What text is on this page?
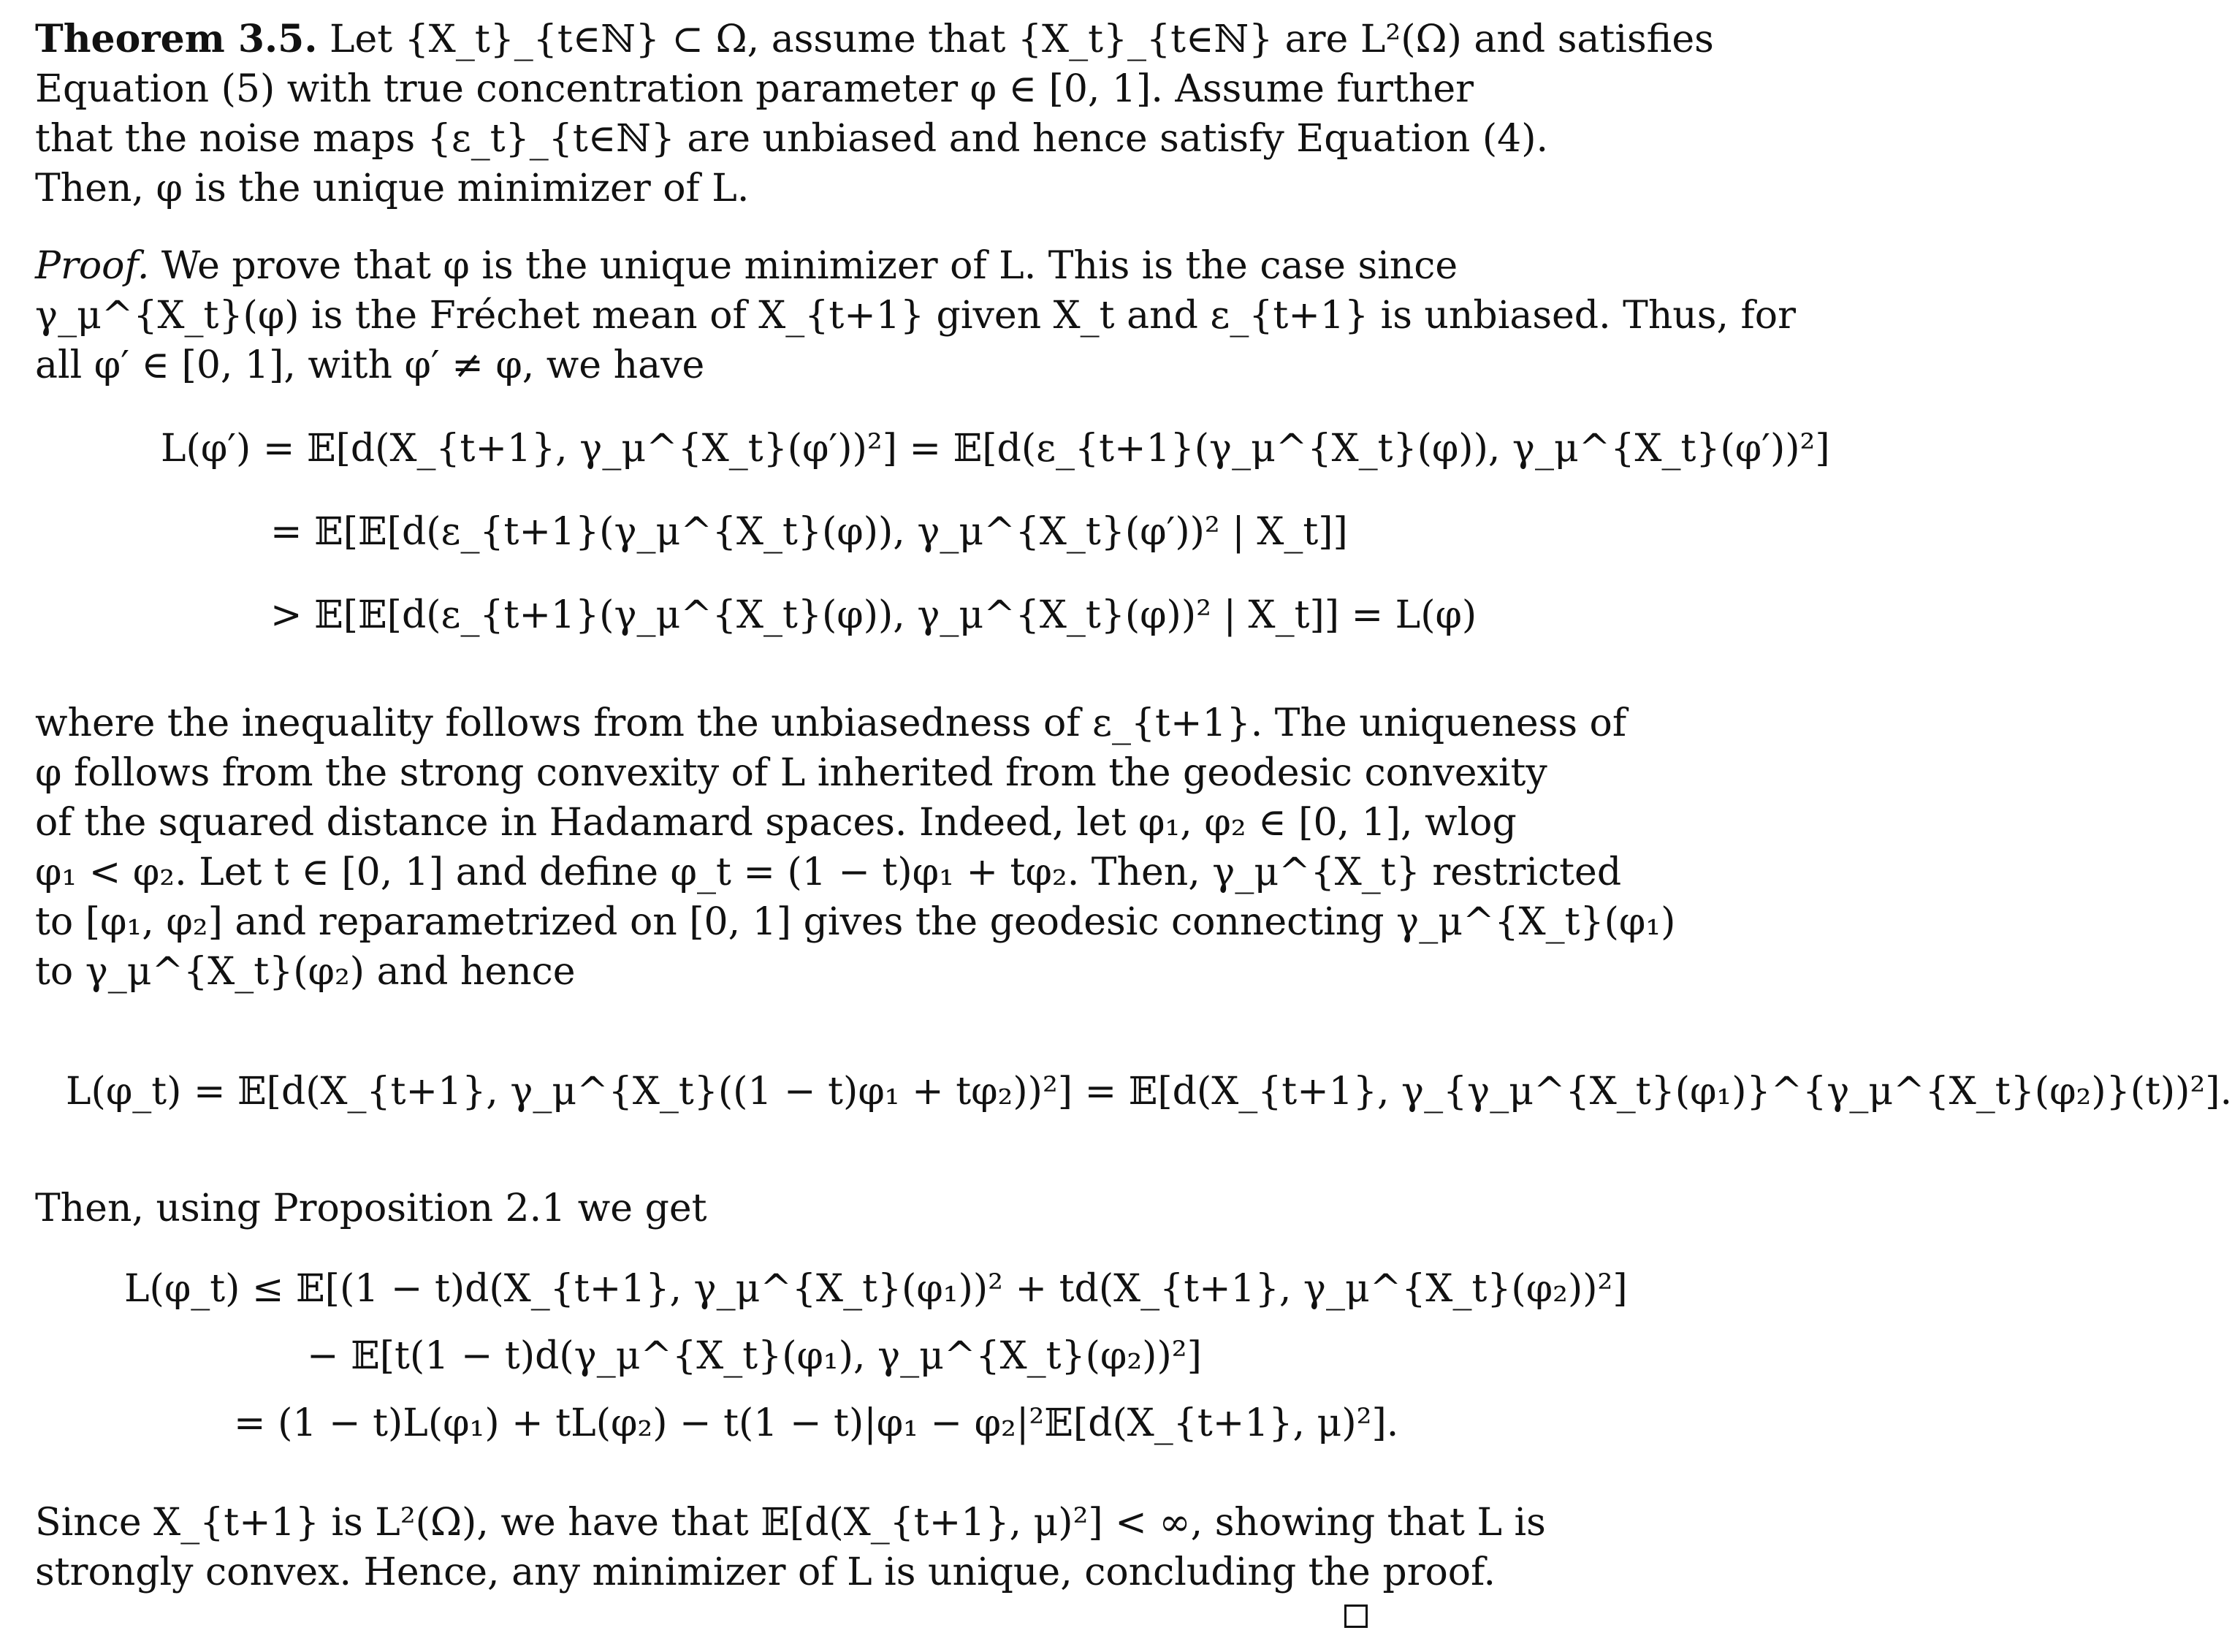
Theorem 3.5. Let {X_t}_{t∈ℕ} ⊂ Ω, assume that {X_t}_{t∈ℕ} are L²(Ω) and satisfies
Equation (5) with true concentration parameter φ ∈ [0, 1]. Assume further
that the noise maps {ε_t}_{t∈ℕ} are unbiased and hence satisfy Equation (4).
Then, φ is the unique minimizer of L.
Proof. We prove that φ is the unique minimizer of L. This is the case since
γ_μ^{X_t}(φ) is the Fréchet mean of X_{t+1} given X_t and ε_{t+1} is unbiased. Thus, for
all φ′ ∈ [0, 1], with φ′ ≠ φ, we have
L(φ′) = 𝔼[d(X_{t+1}, γ_μ^{X_t}(φ′))²] = 𝔼[d(ε_{t+1}(γ_μ^{X_t}(φ)), γ_μ^{X_t}(φ′))²]
= 𝔼[𝔼[d(ε_{t+1}(γ_μ^{X_t}(φ)), γ_μ^{X_t}(φ′))² | X_t]]
> 𝔼[𝔼[d(ε_{t+1}(γ_μ^{X_t}(φ)), γ_μ^{X_t}(φ))² | X_t]] = L(φ)
where the inequality follows from the unbiasedness of ε_{t+1}. The uniqueness of
φ follows from the strong convexity of L inherited from the geodesic convexity
of the squared distance in Hadamard spaces. Indeed, let φ₁, φ₂ ∈ [0, 1], wlog
φ₁ < φ₂. Let t ∈ [0, 1] and define φ_t = (1 − t)φ₁ + tφ₂. Then, γ_μ^{X_t} restricted
to [φ₁, φ₂] and reparametrized on [0, 1] gives the geodesic connecting γ_μ^{X_t}(φ₁)
to γ_μ^{X_t}(φ₂) and hence
L(φ_t) = 𝔼[d(X_{t+1}, γ_μ^{X_t}((1 − t)φ₁ + tφ₂))²] = 𝔼[d(X_{t+1}, γ_{γ_μ^{X_t}(φ₁)}^{γ_μ^{X_t}(φ₂)}(t))²].
Then, using Proposition 2.1 we get
L(φ_t) ≤ 𝔼[(1 − t)d(X_{t+1}, γ_μ^{X_t}(φ₁))² + td(X_{t+1}, γ_μ^{X_t}(φ₂))²]
− 𝔼[t(1 − t)d(γ_μ^{X_t}(φ₁), γ_μ^{X_t}(φ₂))²]
= (1 − t)L(φ₁) + tL(φ₂) − t(1 − t)|φ₁ − φ₂|²𝔼[d(X_{t+1}, μ)²].
Since X_{t+1} is L²(Ω), we have that 𝔼[d(X_{t+1}, μ)²] < ∞, showing that L is
strongly convex. Hence, any minimizer of L is unique, concluding the proof.
